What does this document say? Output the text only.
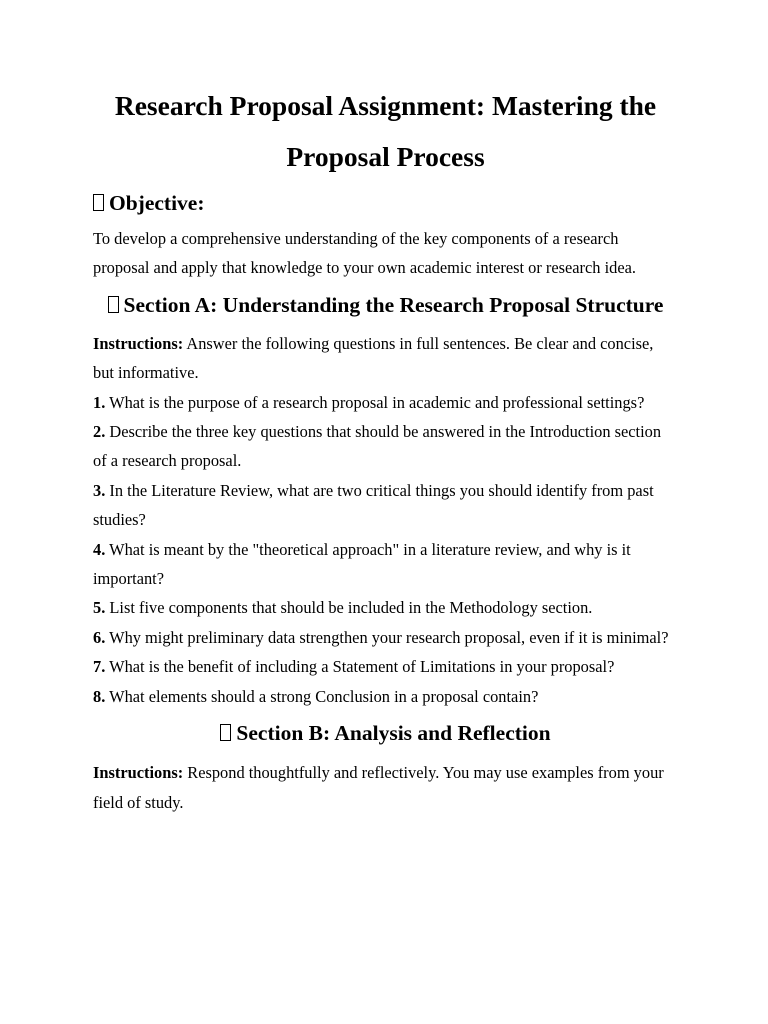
Research Proposal Assignment: Mastering the Proposal Process
Objective:

To develop a comprehensive understanding of the key components of a research proposal and apply that knowledge to your own academic interest or research idea.

Section A: Understanding the Research Proposal Structure

Instructions: Answer the following questions in full sentences. Be clear and concise, but informative.

1. What is the purpose of a research proposal in academic and professional settings?

2. Describe the three key questions that should be answered in the Introduction section of a research proposal.

3. In the Literature Review, what are two critical things you should identify from past studies?

4. What is meant by the "theoretical approach" in a literature review, and why is it important?

5. List five components that should be included in the Methodology section.

6. Why might preliminary data strengthen your research proposal, even if it is minimal?

7. What is the benefit of including a Statement of Limitations in your proposal?

8. What elements should a strong Conclusion in a proposal contain?

Section B: Analysis and Reflection

Instructions: Respond thoughtfully and reflectively. You may use examples from your field of study.
